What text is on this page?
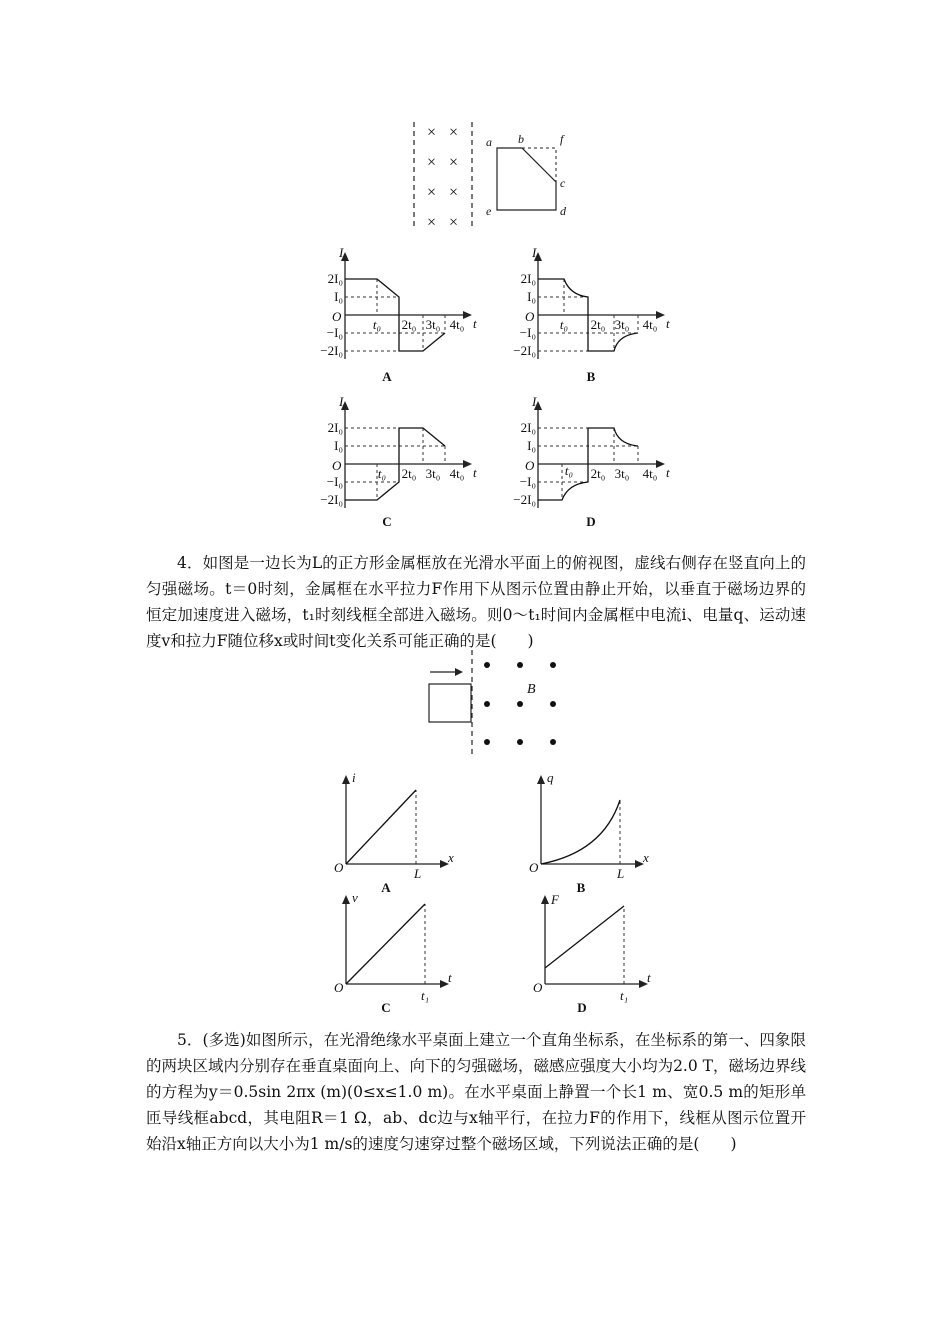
× ×
× ×
× ×
× ×
a b	f
c
e	d
I
t
O
2I₀
I₀
−I₀
−2I₀
t₀ 2t₀ 3t₀ 4t₀
A
I
t
O
2I₀
I₀
−I₀
−2I₀
t₀ 2t₀ 3t₀ 4t₀
B
I
t
O
2I₀
I₀
−I₀
−2I₀
t₀ 2t₀ 3t₀ 4t₀
C
I
t
O
2I₀
I₀
−I₀
−2I₀
t₀ 2t₀ 3t₀ 4t₀
D

4．如图是一边长为L的正方形金属框放在光滑水平面上的俯视图，虚线右侧存在竖直向上的匀强磁场。t＝0时刻，金属框在水平拉力F作用下从图示位置由静止开始，以垂直于磁场边界的恒定加速度进入磁场，t₁时刻线框全部进入磁场。则0～t₁时间内金属框中电流i、电量q、运动速度v和拉力F随位移x或时间t变化关系可能正确的是(　　)

B
i
x
L
O
A
q
x
L
O
B
v
t
t₁
O
C
F
t
t₁
O
D

5．(多选)如图所示，在光滑绝缘水平桌面上建立一个直角坐标系，在坐标系的第一、四象限的两块区域内分别存在垂直桌面向上、向下的匀强磁场，磁感应强度大小均为2.0 T，磁场边界线的方程为y＝0.5sin 2πx (m)(0≤x≤1.0 m)。在水平桌面上静置一个长1 m、宽0.5 m的矩形单匝导线框abcd，其电阻R＝1 Ω，ab、dc边与x轴平行，在拉力F的作用下，线框从图示位置开始沿x轴正方向以大小为1 m/s的速度匀速穿过整个磁场区域，下列说法正确的是(　　)
